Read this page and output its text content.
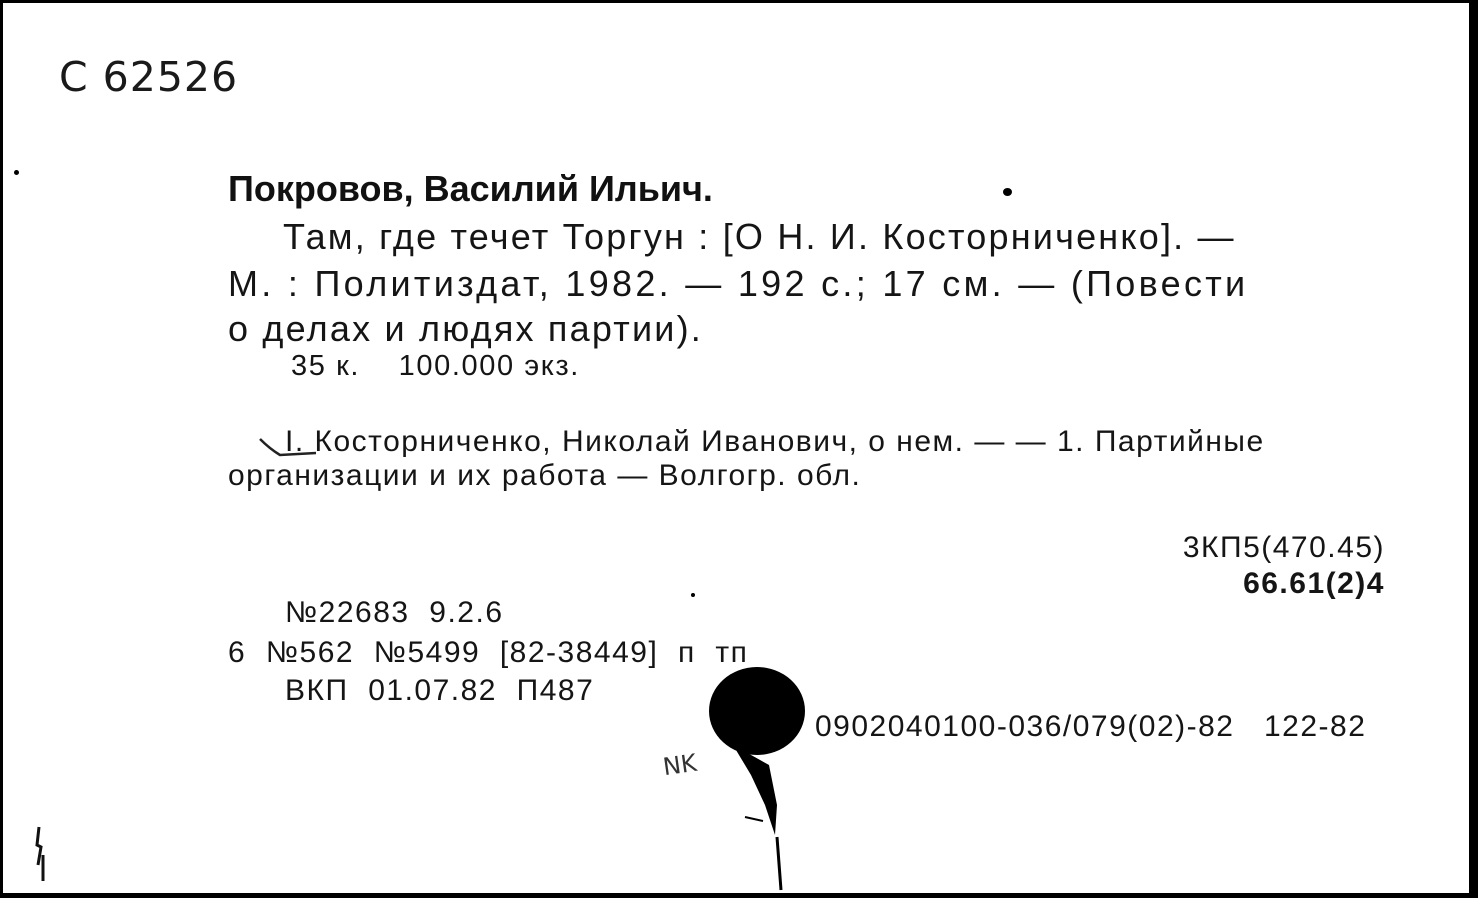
C 62526
Покровов, Василий Ильич.
Там, где течет Торгун : [О Н. И. Косторниченко]. —
М. : Политиздат, 1982. — 192 с.; 17 см. — (Повести
о делах и людях партии).
35 к.    100.000 экз.
I. Косторниченко, Николай Иванович, о нем. — — 1. Партийные
организации и их работа — Волгогр. обл.
3КП5(470.45)
66.61(2)4
№22683  9.2.6
6  №562  №5499  [82-38449]  п  тп
ВКП  01.07.82  П487
0902040100-036/079(02)-82   122-82
NK
